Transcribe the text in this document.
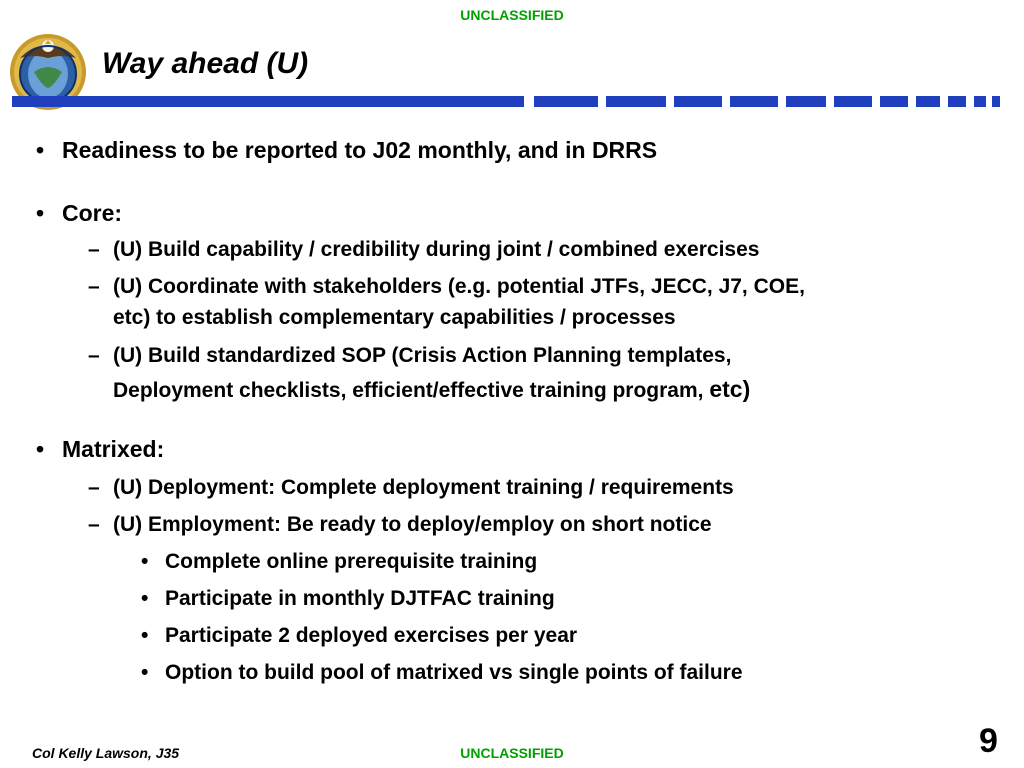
UNCLASSIFIED
Way ahead (U)
• Readiness to be reported to J02 monthly, and in DRRS
• Core:
– (U) Build capability / credibility during joint / combined exercises
– (U) Coordinate with stakeholders (e.g. potential JTFs, JECC, J7, COE,
etc) to establish complementary capabilities / processes
– (U) Build standardized SOP (Crisis Action Planning templates,
Deployment checklists, efficient/effective training program, etc)
• Matrixed:
– (U) Deployment: Complete deployment training / requirements
– (U) Employment: Be ready to deploy/employ on short notice
• Complete online prerequisite training
• Participate in monthly DJTFAC training
• Participate 2 deployed exercises per year
• Option to build pool of matrixed vs single points of failure
Col Kelly Lawson, J35	UNCLASSIFIED	9
